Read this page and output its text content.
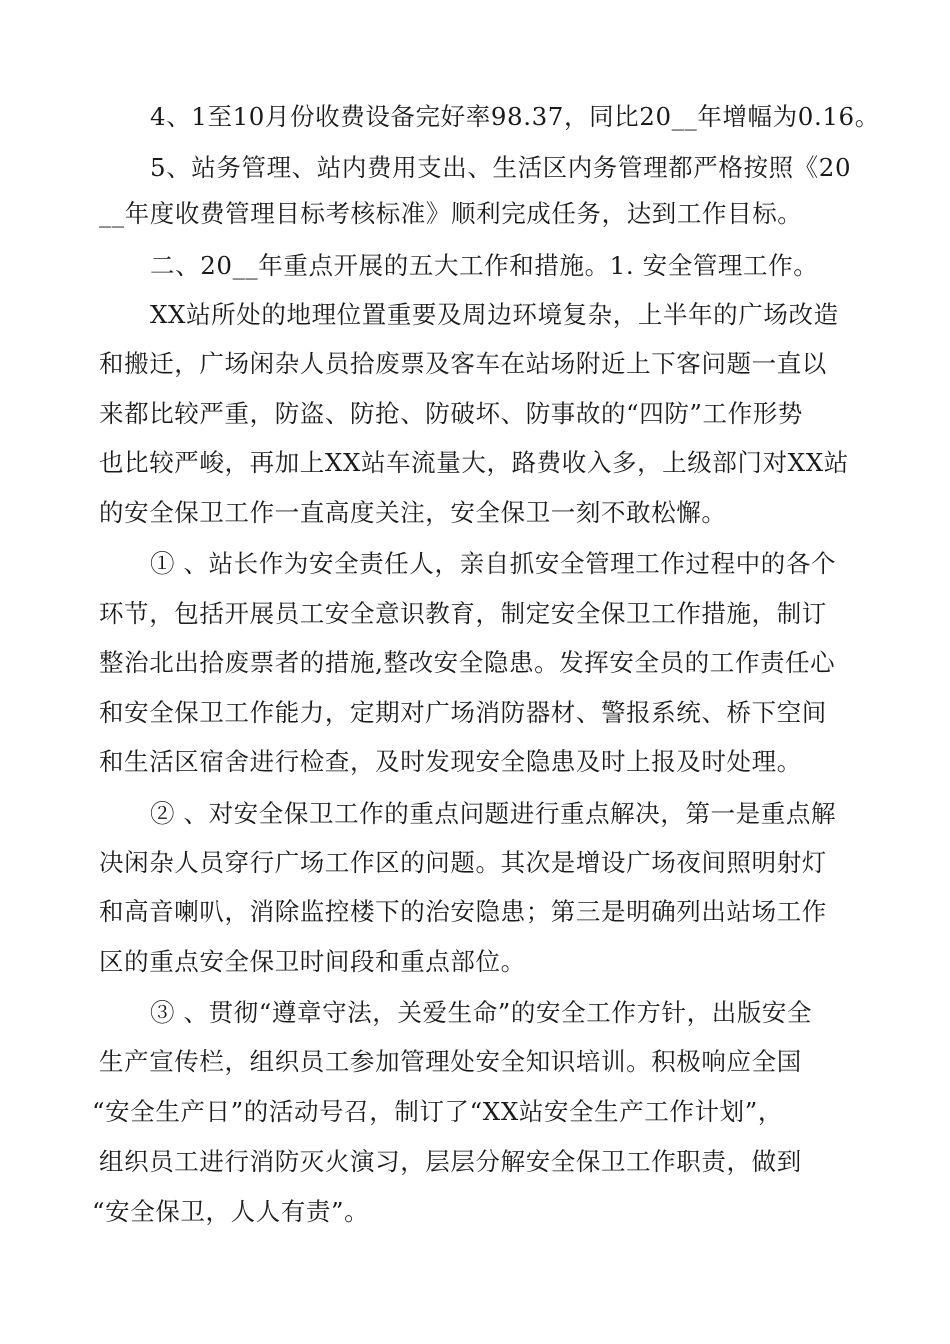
4、1至10月份收费设备完好率98.37，同比20__年增幅为0.16。
5、站务管理、站内费用支出、生活区内务管理都严格按照《20
__年度收费管理目标考核标准》顺利完成任务，达到工作目标。
二、20__年重点开展的五大工作和措施。1. 安全管理工作。
XX站所处的地理位置重要及周边环境复杂，上半年的广场改造
和搬迁，广场闲杂人员拾废票及客车在站场附近上下客问题一直以
来都比较严重，防盗、防抢、防破坏、防事故的“四防”工作形势
也比较严峻，再加上XX站车流量大，路费收入多，上级部门对XX站
的安全保卫工作一直高度关注，安全保卫一刻不敢松懈。
① 、站长作为安全责任人，亲自抓安全管理工作过程中的各个
环节，包括开展员工安全意识教育，制定安全保卫工作措施，制订
整治北出拾废票者的措施,整改安全隐患。发挥安全员的工作责任心
和安全保卫工作能力，定期对广场消防器材、警报系统、桥下空间
和生活区宿舍进行检查，及时发现安全隐患及时上报及时处理。
② 、对安全保卫工作的重点问题进行重点解决，第一是重点解
决闲杂人员穿行广场工作区的问题。其次是增设广场夜间照明射灯
和高音喇叭，消除监控楼下的治安隐患；第三是明确列出站场工作
区的重点安全保卫时间段和重点部位。
③ 、贯彻“遵章守法，关爱生命”的安全工作方针，出版安全
生产宣传栏，组织员工参加管理处安全知识培训。积极响应全国
“安全生产日”的活动号召，制订了“XX站安全生产工作计划”，
组织员工进行消防灭火演习，层层分解安全保卫工作职责，做到
“安全保卫，人人有责”。
